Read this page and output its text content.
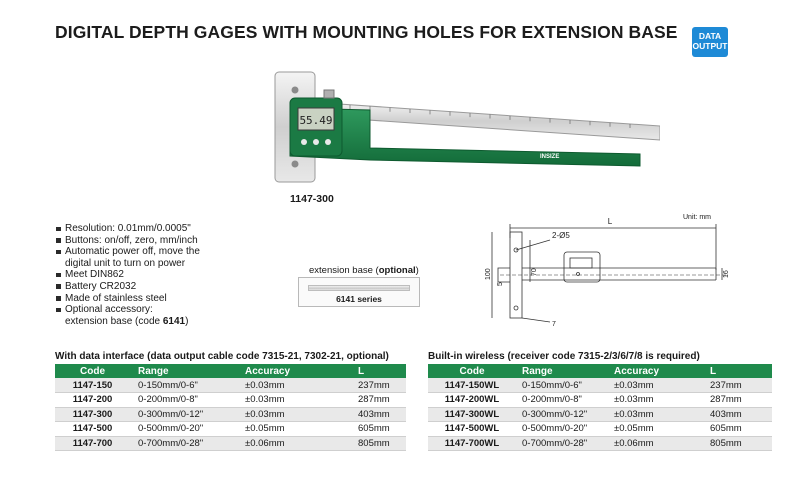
DIGITAL DEPTH GAGES WITH MOUNTING HOLES FOR EXTENSION BASE	DATA
OUTPUT
55.49
INSIZE
1147-300
Resolution: 0.01mm/0.0005"
Buttons: on/off, zero, mm/inch
Automatic power off, move the
digital unit to turn on power
Meet DIN862
Battery CR2032
Made of stainless steel
Optional accessory:
extension base (code 6141)
extension base (optional)
6141 series
Unit: mm
L
2-Ø5
100	70
5
16
7
With data interface (data output cable code 7315-21, 7302-21, optional)
Code	Range	Accuracy	L
1147-150	0-150mm/0-6"	±0.03mm	237mm
1147-200	0-200mm/0-8"	±0.03mm	287mm
1147-300	0-300mm/0-12"	±0.03mm	403mm
1147-500	0-500mm/0-20"	±0.05mm	605mm
1147-700	0-700mm/0-28"	±0.06mm	805mm
Built-in wireless (receiver code 7315-2/3/6/7/8 is required)
Code	Range	Accuracy	L
1147-150WL	0-150mm/0-6"	±0.03mm	237mm
1147-200WL	0-200mm/0-8"	±0.03mm	287mm
1147-300WL	0-300mm/0-12"	±0.03mm	403mm
1147-500WL	0-500mm/0-20"	±0.05mm	605mm
1147-700WL	0-700mm/0-28"	±0.06mm	805mm
